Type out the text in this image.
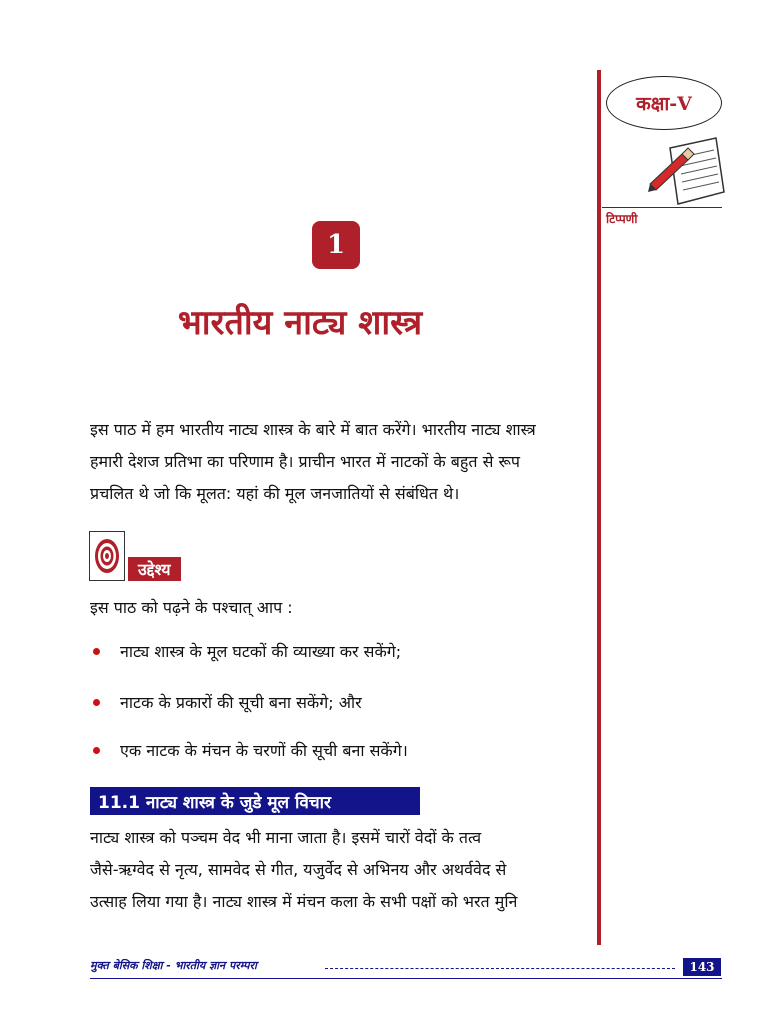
कक्षा-V
टिप्पणी
1
भारतीय नाट्य शास्त्र
इस पाठ में हम भारतीय नाट्य शास्त्र के बारे में बात करेंगे। भारतीय नाट्य शास्त्र
हमारी देशज प्रतिभा का परिणाम है। प्राचीन भारत में नाटकों के बहुत से रूप
प्रचलित थे जो कि मूलत: यहां की मूल जनजातियों से संबंधित थे।
उद्देश्य
इस पाठ को पढ़ने के पश्चात् आप :
नाट्य शास्त्र के मूल घटकों की व्याख्या कर सकेंगे;
नाटक के प्रकारों की सूची बना सकेंगे; और
एक नाटक के मंचन के चरणों की सूची बना सकेंगे।
11.1 नाट्य शास्त्र के जुडे मूल विचार
नाट्य शास्त्र को पञ्चम वेद भी माना जाता है। इसमें चारों वेदों के तत्व
जैसे-ऋग्वेद से नृत्य, सामवेद से गीत, यजुर्वेद से अभिनय और अथर्ववेद से
उत्साह लिया गया है। नाट्य शास्त्र में मंचन कला के सभी पक्षों को भरत मुनि
मुक्त बेसिक शिक्षा - भारतीय ज्ञान परम्परा	143
